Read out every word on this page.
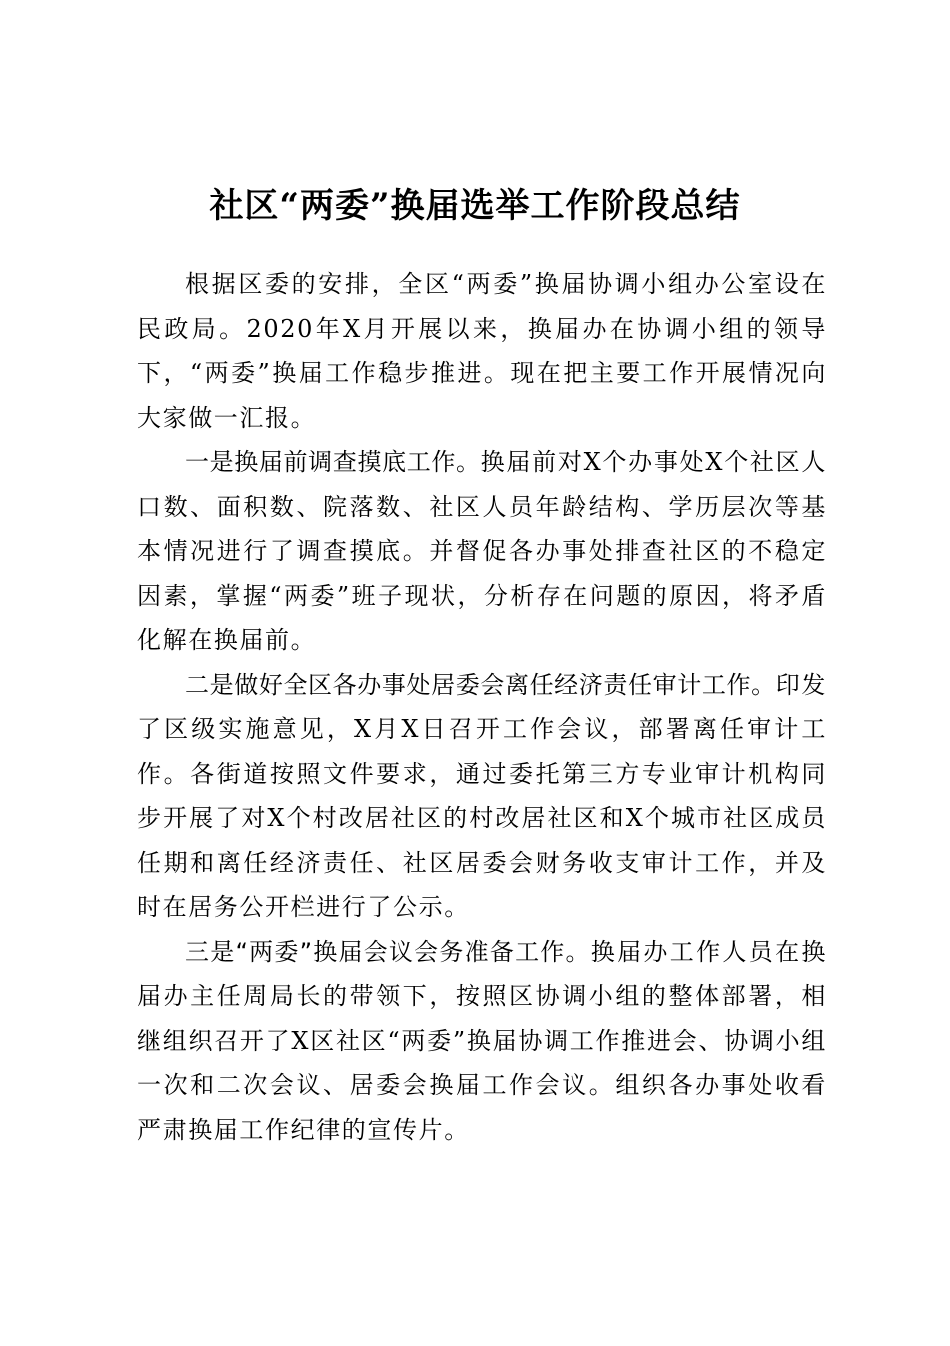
社区“两委”换届选举工作阶段总结

根据区委的安排，全区“两委”换届协调小组办公室设在民政局。2020年X月开展以来，换届办在协调小组的领导下，“两委”换届工作稳步推进。现在把主要工作开展情况向大家做一汇报。

一是换届前调查摸底工作。换届前对X个办事处X个社区人口数、面积数、院落数、社区人员年龄结构、学历层次等基本情况进行了调查摸底。并督促各办事处排查社区的不稳定因素，掌握“两委”班子现状，分析存在问题的原因，将矛盾化解在换届前。

二是做好全区各办事处居委会离任经济责任审计工作。印发了区级实施意见，X月X日召开工作会议，部署离任审计工作。各街道按照文件要求，通过委托第三方专业审计机构同步开展了对X个村改居社区的村改居社区和X个城市社区成员任期和离任经济责任、社区居委会财务收支审计工作，并及时在居务公开栏进行了公示。

三是“两委”换届会议会务准备工作。换届办工作人员在换届办主任周局长的带领下，按照区协调小组的整体部署，相继组织召开了X区社区“两委”换届协调工作推进会、协调小组一次和二次会议、居委会换届工作会议。组织各办事处收看严肃换届工作纪律的宣传片。
